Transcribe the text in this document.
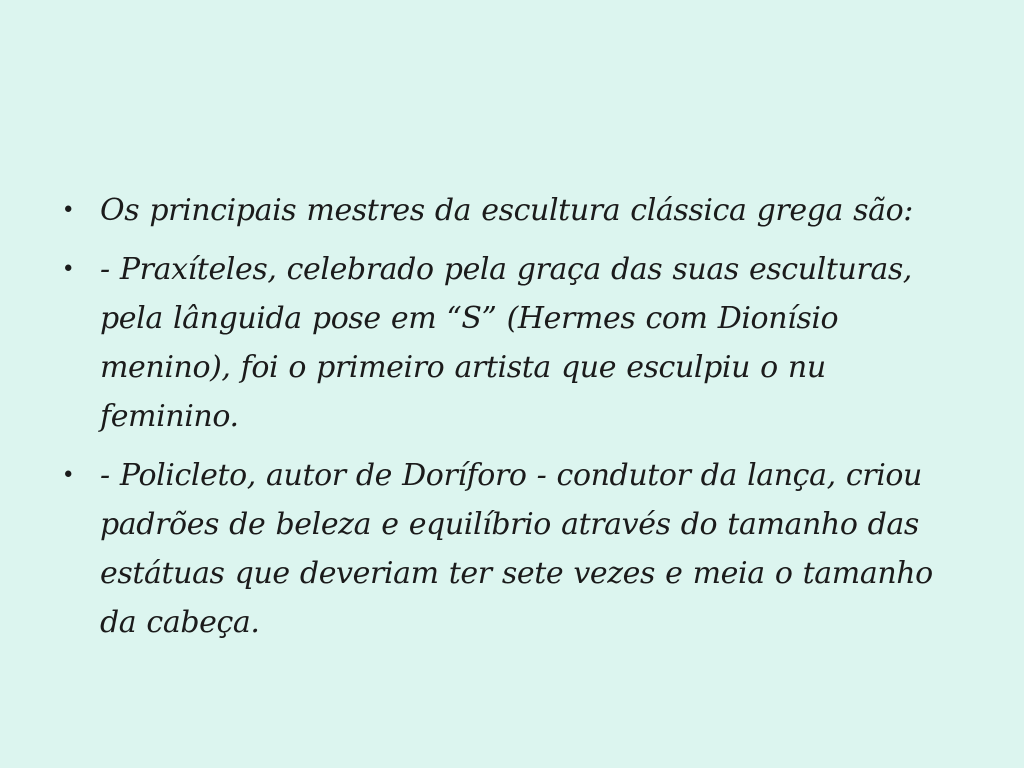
• Os principais mestres da escultura clássica grega são:
• - Praxíteles, celebrado pela graça das suas esculturas, pela lânguida pose em “S” (Hermes com Dionísio menino), foi o primeiro artista que esculpiu o nu feminino.
• - Policleto, autor de Doríforo - condutor da lança, criou padrões de beleza e equilíbrio através do tamanho das estátuas que deveriam ter sete vezes e meia o tamanho da cabeça.
